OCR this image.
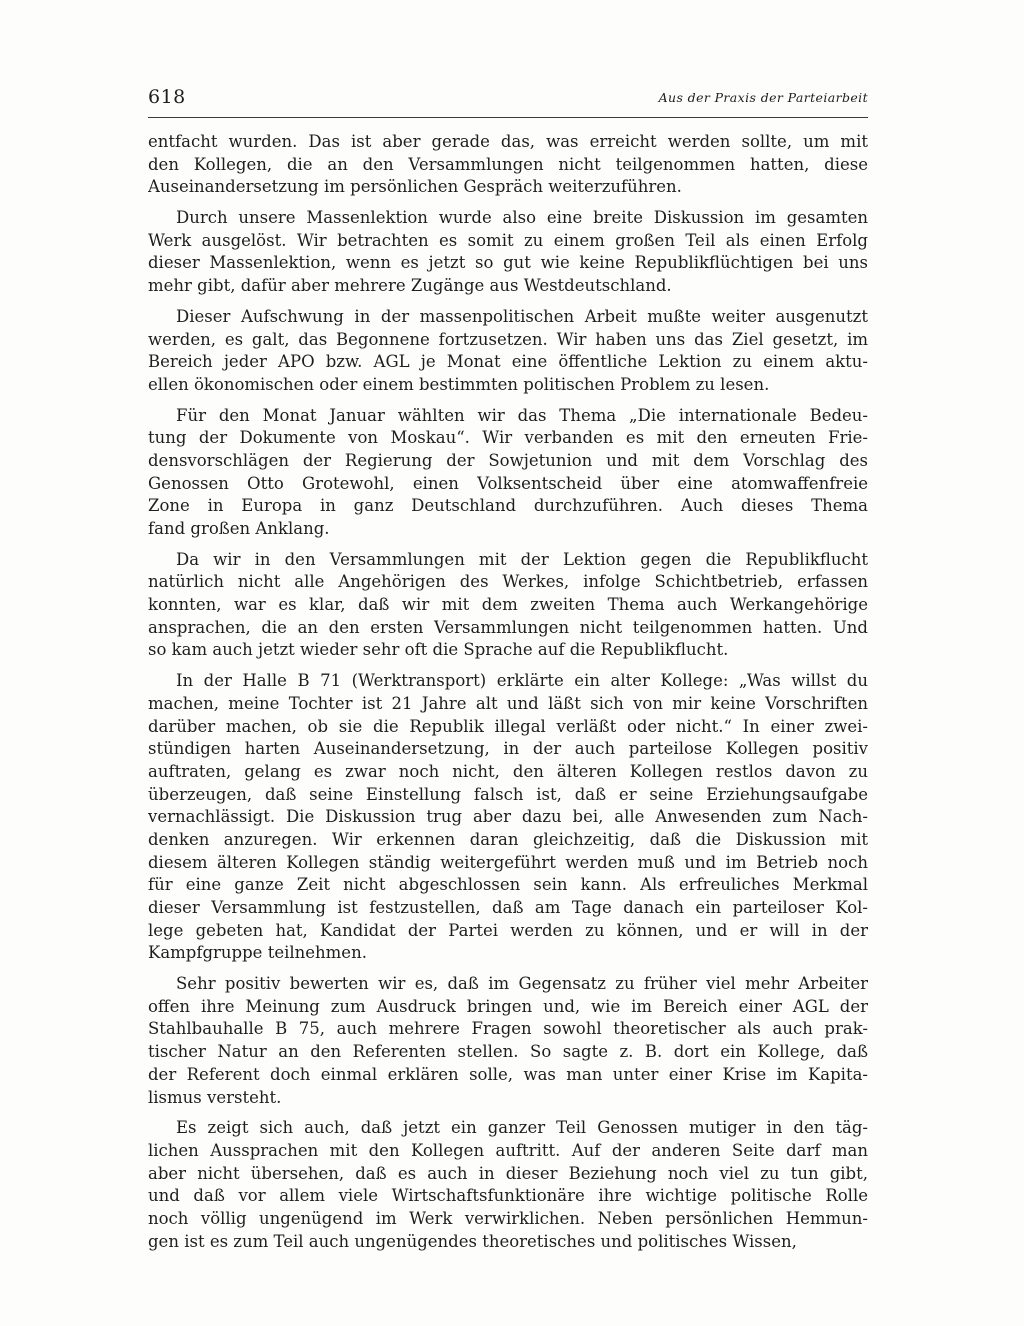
618	Aus der Praxis der Parteiarbeit

entfacht wurden. Das ist aber gerade das, was erreicht werden sollte, um mit
den Kollegen, die an den Versammlungen nicht teilgenommen hatten, diese
Auseinandersetzung im persönlichen Gespräch weiterzuführen.

Durch unsere Massenlektion wurde also eine breite Diskussion im gesamten
Werk ausgelöst. Wir betrachten es somit zu einem großen Teil als einen Erfolg
dieser Massenlektion, wenn es jetzt so gut wie keine Republikflüchtigen bei uns
mehr gibt, dafür aber mehrere Zugänge aus Westdeutschland.

Dieser Aufschwung in der massenpolitischen Arbeit mußte weiter ausgenutzt
werden, es galt, das Begonnene fortzusetzen. Wir haben uns das Ziel gesetzt, im
Bereich jeder APO bzw. AGL je Monat eine öffentliche Lektion zu einem aktu-
ellen ökonomischen oder einem bestimmten politischen Problem zu lesen.

Für den Monat Januar wählten wir das Thema „Die internationale Bedeu-
tung der Dokumente von Moskau“. Wir verbanden es mit den erneuten Frie-
densvorschlägen der Regierung der Sowjetunion und mit dem Vorschlag des
Genossen Otto Grotewohl, einen Volksentscheid über eine atomwaffenfreie
Zone in Europa in ganz Deutschland durchzuführen. Auch dieses Thema
fand großen Anklang.

Da wir in den Versammlungen mit der Lektion gegen die Republikflucht
natürlich nicht alle Angehörigen des Werkes, infolge Schichtbetrieb, erfassen
konnten, war es klar, daß wir mit dem zweiten Thema auch Werkangehörige
ansprachen, die an den ersten Versammlungen nicht teilgenommen hatten. Und
so kam auch jetzt wieder sehr oft die Sprache auf die Republikflucht.

In der Halle B 71 (Werktransport) erklärte ein alter Kollege: „Was willst du
machen, meine Tochter ist 21 Jahre alt und läßt sich von mir keine Vorschriften
darüber machen, ob sie die Republik illegal verläßt oder nicht.“ In einer zwei-
stündigen harten Auseinandersetzung, in der auch parteilose Kollegen positiv
auftraten, gelang es zwar noch nicht, den älteren Kollegen restlos davon zu
überzeugen, daß seine Einstellung falsch ist, daß er seine Erziehungsaufgabe
vernachlässigt. Die Diskussion trug aber dazu bei, alle Anwesenden zum Nach-
denken anzuregen. Wir erkennen daran gleichzeitig, daß die Diskussion mit
diesem älteren Kollegen ständig weitergeführt werden muß und im Betrieb noch
für eine ganze Zeit nicht abgeschlossen sein kann. Als erfreuliches Merkmal
dieser Versammlung ist festzustellen, daß am Tage danach ein parteiloser Kol-
lege gebeten hat, Kandidat der Partei werden zu können, und er will in der
Kampfgruppe teilnehmen.

Sehr positiv bewerten wir es, daß im Gegensatz zu früher viel mehr Arbeiter
offen ihre Meinung zum Ausdruck bringen und, wie im Bereich einer AGL der
Stahlbauhalle B 75, auch mehrere Fragen sowohl theoretischer als auch prak-
tischer Natur an den Referenten stellen. So sagte z. B. dort ein Kollege, daß
der Referent doch einmal erklären solle, was man unter einer Krise im Kapita-
lismus versteht.

Es zeigt sich auch, daß jetzt ein ganzer Teil Genossen mutiger in den täg-
lichen Aussprachen mit den Kollegen auftritt. Auf der anderen Seite darf man
aber nicht übersehen, daß es auch in dieser Beziehung noch viel zu tun gibt,
und daß vor allem viele Wirtschaftsfunktionäre ihre wichtige politische Rolle
noch völlig ungenügend im Werk verwirklichen. Neben persönlichen Hemmun-
gen ist es zum Teil auch ungenügendes theoretisches und politisches Wissen,
